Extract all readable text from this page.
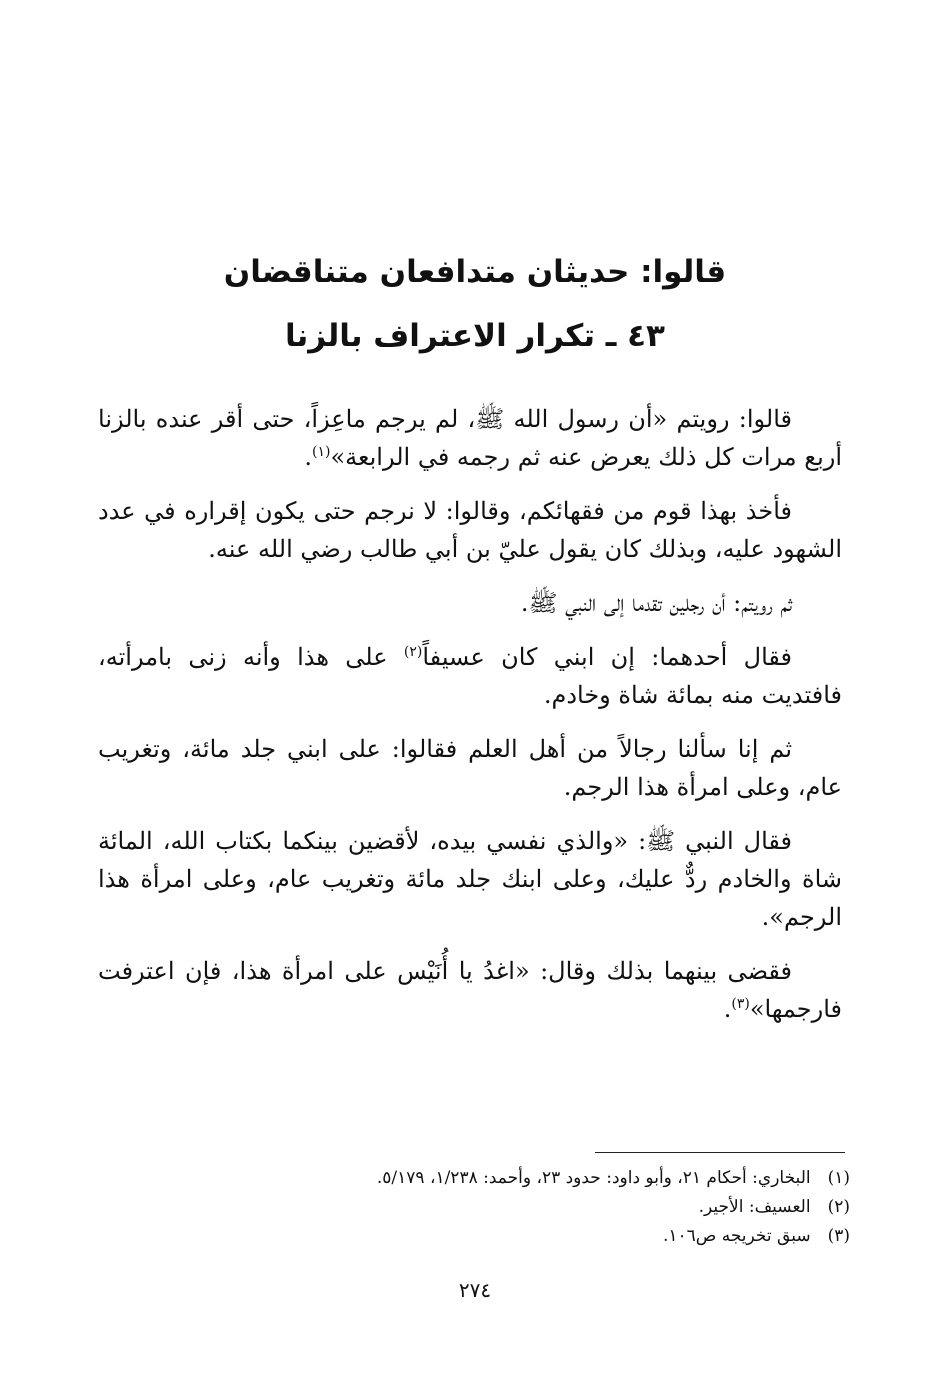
قالوا: حديثان متدافعان متناقضان
٤٣ ـ تكرار الاعتراف بالزنا

قالوا: رويتم «أن رسول الله ﷺ، لم يرجم ماعِزاً، حتى أقر عنده بالزنا أربع مرات كل ذلك يعرض عنه ثم رجمه في الرابعة»$^{(١)}$.

فأخذ بهذا قوم من فقهائكم، وقالوا: لا نرجم حتى يكون إقراره في عدد الشهود عليه، وبذلك كان يقول عليّ بن أبي طالب رضي الله عنه.

ثم رويتم: أن رجلين تقدما إلى النبي ﷺ.

فقال أحدهما: إن ابني كان عسيفاً$^{(٢)}$ على هذا وأنه زنى بامرأته، فافتديت منه بمائة شاة وخادم.

ثم إنا سألنا رجالاً من أهل العلم فقالوا: على ابني جلد مائة، وتغريب عام، وعلى امرأة هذا الرجم.

فقال النبي ﷺ: «والذي نفسي بيده، لأقضين بينكما بكتاب الله، المائة شاة والخادم ردٌّ عليك، وعلى ابنك جلد مائة وتغريب عام، وعلى امرأة هذا الرجم».

فقضى بينهما بذلك وقال: «اغدُ يا أُنَيْس على امرأة هذا، فإن اعترفت فارجمها»$^{(٣)}$.

(١) البخاري: أحكام ٢١، وأبو داود: حدود ٢٣، وأحمد: ١/٢٣٨، ٥/١٧٩.

(٢) العسيف: الأجير.

(٣) سبق تخريجه ص١٠٦.

٢٧٤
